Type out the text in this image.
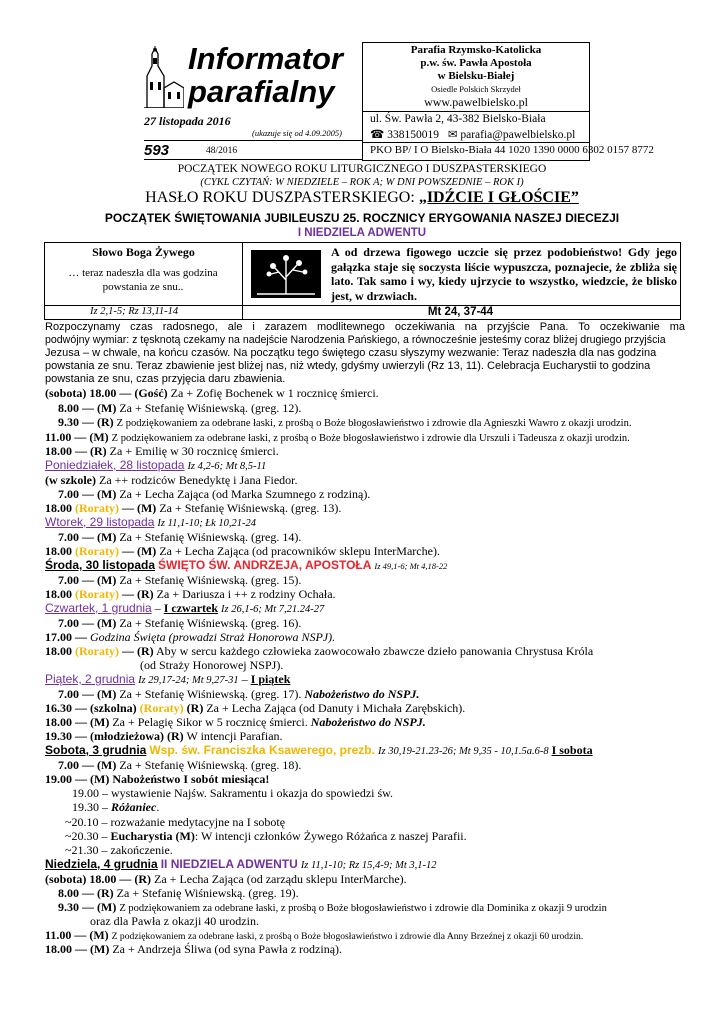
Informator
parafialny
27 listopada 2016
(ukazuje się od 4.09.2005)
593	48/2016
Parafia Rzymsko-Katolicka
p.w. św. Pawła Apostoła
w Bielsku-Białej
Osiedle Polskich Skrzydeł
www.pawelbielsko.pl
ul. Św. Pawła 2, 43-382 Bielsko-Biała
☎ 338150019 ✉ parafia@pawelbielsko.pl
PKO BP/ I O Bielsko-Biała 44 1020 1390 0000 6302 0157 8772
POCZĄTEK NOWEGO ROKU LITURGICZNEGO I DUSZPASTERSKIEGO
(CYKL CZYTAŃ: W NIEDZIELE – ROK A; W DNI POWSZEDNIE – ROK I)
HASŁO ROKU DUSZPASTERSKIEGO: „IDŹCIE I GŁOŚCIE”
POCZĄTEK ŚWIĘTOWANIA JUBILEUSZU 25. ROCZNICY ERYGOWANIA NASZEJ DIECEZJI
I NIEDZIELA ADWENTU
Słowo Boga Żywego
… teraz nadeszła dla was godzina powstania ze snu..
Iz 2,1-5; Rz 13,11-14
A od drzewa figowego uczcie się przez podobieństwo! Gdy jego gałązka staje się soczysta liście wypuszcza, poznajecie, że zbliża się lato. Tak samo i wy, kiedy ujrzycie to wszystko, wiedzcie, że blisko jest, w drzwiach.
Mt 24, 37-44
Rozpoczynamy czas radosnego, ale i zarazem modlitewnego oczekiwania na przyjście Pana. To oczekiwanie ma
podwójny wymiar: z tęsknotą czekamy na nadejście Narodzenia Pańskiego, a równocześnie jesteśmy coraz bliżej drugiego przyjścia
Jezusa – w chwale, na końcu czasów. Na początku tego świętego czasu słyszymy wezwanie: Teraz nadeszła dla nas godzina
powstania ze snu. Teraz zbawienie jest bliżej nas, niż wtedy, gdyśmy uwierzyli (Rz 13, 11). Celebracja Eucharystii to godzina
powstania ze snu, czas przyjęcia daru zbawienia.
(sobota) 18.00 — (Gość) Za + Zofię Bochenek w 1 rocznicę śmierci.
8.00 — (M) Za + Stefanię Wiśniewską. (greg. 12).
9.30 — (R) Z podziękowaniem za odebrane łaski, z prośbą o Boże błogosławieństwo i zdrowie dla Agnieszki Wawro z okazji urodzin.
11.00 — (M) Z podziękowaniem za odebrane łaski, z prośbą o Boże błogosławieństwo i zdrowie dla Urszuli i Tadeusza z okazji urodzin.
18.00 — (R) Za + Emilię w 30 rocznicę śmierci.
Poniedziałek, 28 listopada Iz 4,2-6; Mt 8,5-11
(w szkole) Za ++ rodziców Benedyktę i Jana Fiedor.
7.00 — (M) Za + Lecha Zająca (od Marka Szumnego z rodziną).
18.00 (Roraty) — (M) Za + Stefanię Wiśniewską. (greg. 13).
Wtorek, 29 listopada Iz 11,1-10; Łk 10,21-24
7.00 — (M) Za + Stefanię Wiśniewską. (greg. 14).
18.00 (Roraty) — (M) Za + Lecha Zająca (od pracowników sklepu InterMarche).
Środa, 30 listopada ŚWIĘTO ŚW. ANDRZEJA, APOSTOŁA Iz 49,1-6; Mt 4,18-22
7.00 — (M) Za + Stefanię Wiśniewską. (greg. 15).
18.00 (Roraty) — (R) Za + Dariusza i ++ z rodziny Ochała.
Czwartek, 1 grudnia – I czwartek Iz 26,1-6; Mt 7,21.24-27
7.00 — (M) Za + Stefanię Wiśniewską. (greg. 16).
17.00 — Godzina Święta (prowadzi Straż Honorowa NSPJ).
18.00 (Roraty) — (R) Aby w sercu każdego człowieka zaowocowało zbawcze dzieło panowania Chrystusa Króla
(od Straży Honorowej NSPJ).
Piątek, 2 grudnia Iz 29,17-24; Mt 9,27-31 – I piątek
7.00 — (M) Za + Stefanię Wiśniewską. (greg. 17). Nabożeństwo do NSPJ.
16.30 — (szkolna) (Roraty) (R) Za + Lecha Zająca (od Danuty i Michała Zarębskich).
18.00 — (M) Za + Pelagię Sikor w 5 rocznicę śmierci. Nabożeństwo do NSPJ.
19.30 — (młodzieżowa) (R) W intencji Parafian.
Sobota, 3 grudnia Wsp. św. Franciszka Ksawerego, prezb. Iz 30,19-21.23-26; Mt 9,35 - 10,1.5a.6-8 I sobota
7.00 — (M) Za + Stefanię Wiśniewską. (greg. 18).
19.00 — (M) Nabożeństwo I sobót miesiąca!
19.00 – wystawienie Najśw. Sakramentu i okazja do spowiedzi św.
19.30 – Różaniec.
~20.10 – rozważanie medytacyjne na I sobotę
~20.30 – Eucharystia (M): W intencji członków Żywego Różańca z naszej Parafii.
~21.30 – zakończenie.
Niedziela, 4 grudnia II NIEDZIELA ADWENTU Iz 11,1-10; Rz 15,4-9; Mt 3,1-12
(sobota) 18.00 — (R) Za + Lecha Zająca (od zarządu sklepu InterMarche).
8.00 — (R) Za + Stefanię Wiśniewską. (greg. 19).
9.30 — (M) Z podziękowaniem za odebrane łaski, z prośbą o Boże błogosławieństwo i zdrowie dla Dominika z okazji 9 urodzin
oraz dla Pawła z okazji 40 urodzin.
11.00 — (M) Z podziękowaniem za odebrane łaski, z prośbą o Boże błogosławieństwo i zdrowie dla Anny Brzeźnej z okazji 60 urodzin.
18.00 — (M) Za + Andrzeja Śliwa (od syna Pawła z rodziną).
